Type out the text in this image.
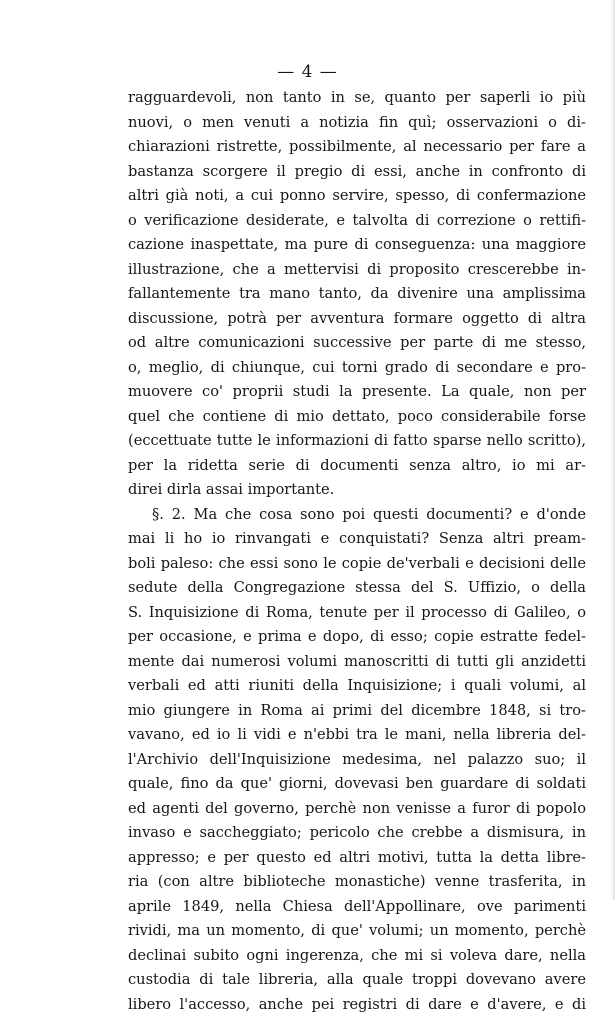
— 4 —
ragguardevoli, non tanto in se, quanto per saperli io più
nuovi, o men venuti a notizia fin quì; osservazioni o di-
chiarazioni ristrette, possibilmente, al necessario per fare a
bastanza scorgere il pregio di essi, anche in confronto di
altri già noti, a cui ponno servire, spesso, di confermazione
o verificazione desiderate, e talvolta di correzione o rettifi-
cazione inaspettate, ma pure di conseguenza: una maggiore
illustrazione, che a mettervisi di proposito crescerebbe in-
fallantemente tra mano tanto, da divenire una amplissima
discussione, potrà per avventura formare oggetto di altra
od altre comunicazioni successive per parte di me stesso,
o, meglio, di chiunque, cui torni grado di secondare e pro-
muovere co' proprii studi la presente. La quale, non per
quel che contiene di mio dettato, poco considerabile forse
(eccettuate tutte le informazioni di fatto sparse nello scritto),
per la ridetta serie di documenti senza altro, io mi ar-
direi dirla assai importante.
§. 2. Ma che cosa sono poi questi documenti? e d'onde
mai li ho io rinvangati e conquistati? Senza altri pream-
boli paleso: che essi sono le copie de'verbali e decisioni delle
sedute della Congregazione stessa del S. Uffizio, o della
S. Inquisizione di Roma, tenute per il processo di Galileo, o
per occasione, e prima e dopo, di esso; copie estratte fedel-
mente dai numerosi volumi manoscritti di tutti gli anzidetti
verbali ed atti riuniti della Inquisizione; i quali volumi, al
mio giungere in Roma ai primi del dicembre 1848, si tro-
vavano, ed io li vidi e n'ebbi tra le mani, nella libreria del-
l'Archivio dell'Inquisizione medesima, nel palazzo suo; il
quale, fino da que' giorni, dovevasi ben guardare di soldati
ed agenti del governo, perchè non venisse a furor di popolo
invaso e saccheggiato; pericolo che crebbe a dismisura, in
appresso; e per questo ed altri motivi, tutta la detta libre-
ria (con altre biblioteche monastiche) venne trasferita, in
aprile 1849, nella Chiesa dell'Appollinare, ove parimenti
rividi, ma un momento, di que' volumi; un momento, perchè
declinai subito ogni ingerenza, che mi si voleva dare, nella
custodia di tale libreria, alla quale troppi dovevano avere
libero l'accesso, anche pei registri di dare e d'avere, e di
